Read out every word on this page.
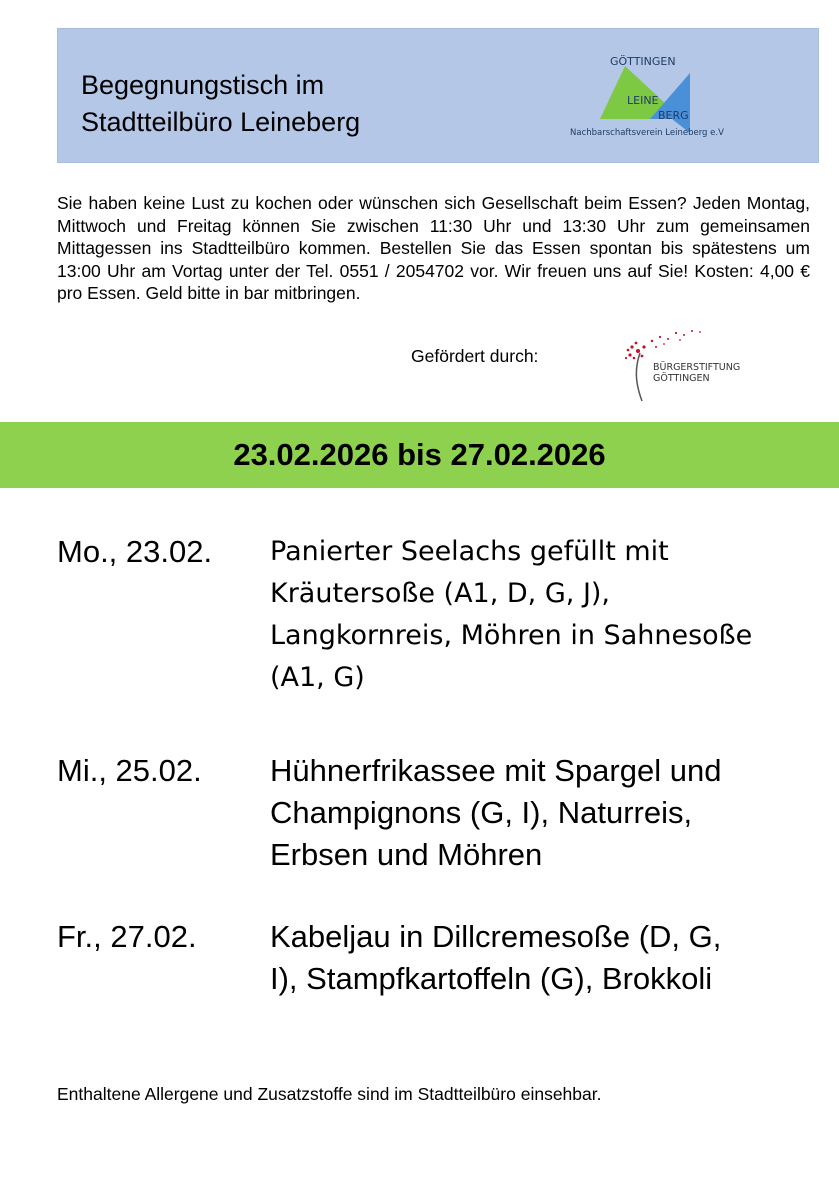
Begegnungstisch im
Stadtteilbüro Leineberg
GÖTTINGEN
LEINE
BERG
Nachbarschaftsverein Leineberg e.V
Sie haben keine Lust zu kochen oder wünschen sich Gesellschaft beim Essen? Jeden Montag, Mittwoch und Freitag können Sie zwischen 11:30 Uhr und 13:30 Uhr zum gemeinsamen Mittagessen ins Stadtteilbüro kommen. Bestellen Sie das Essen spontan bis spätestens um 13:00 Uhr am Vortag unter der Tel. 0551 / 2054702 vor. Wir freuen uns auf Sie! Kosten: 4,00 € pro Essen. Geld bitte in bar mitbringen.
Gefördert durch:
BÜRGERSTIFTUNG
GÖTTINGEN
23.02.2026 bis 27.02.2026
Mo., 23.02. Panierter Seelachs gefüllt mit
Kräutersoße (A1, D, G, J),
Langkornreis, Möhren in Sahnesoße
(A1, G)
Mi., 25.02. Hühnerfrikassee mit Spargel und
Champignons (G, I), Naturreis,
Erbsen und Möhren
Fr., 27.02. Kabeljau in Dillcremesoße (D, G,
I), Stampfkartoffeln (G), Brokkoli
Enthaltene Allergene und Zusatzstoffe sind im Stadtteilbüro einsehbar.
